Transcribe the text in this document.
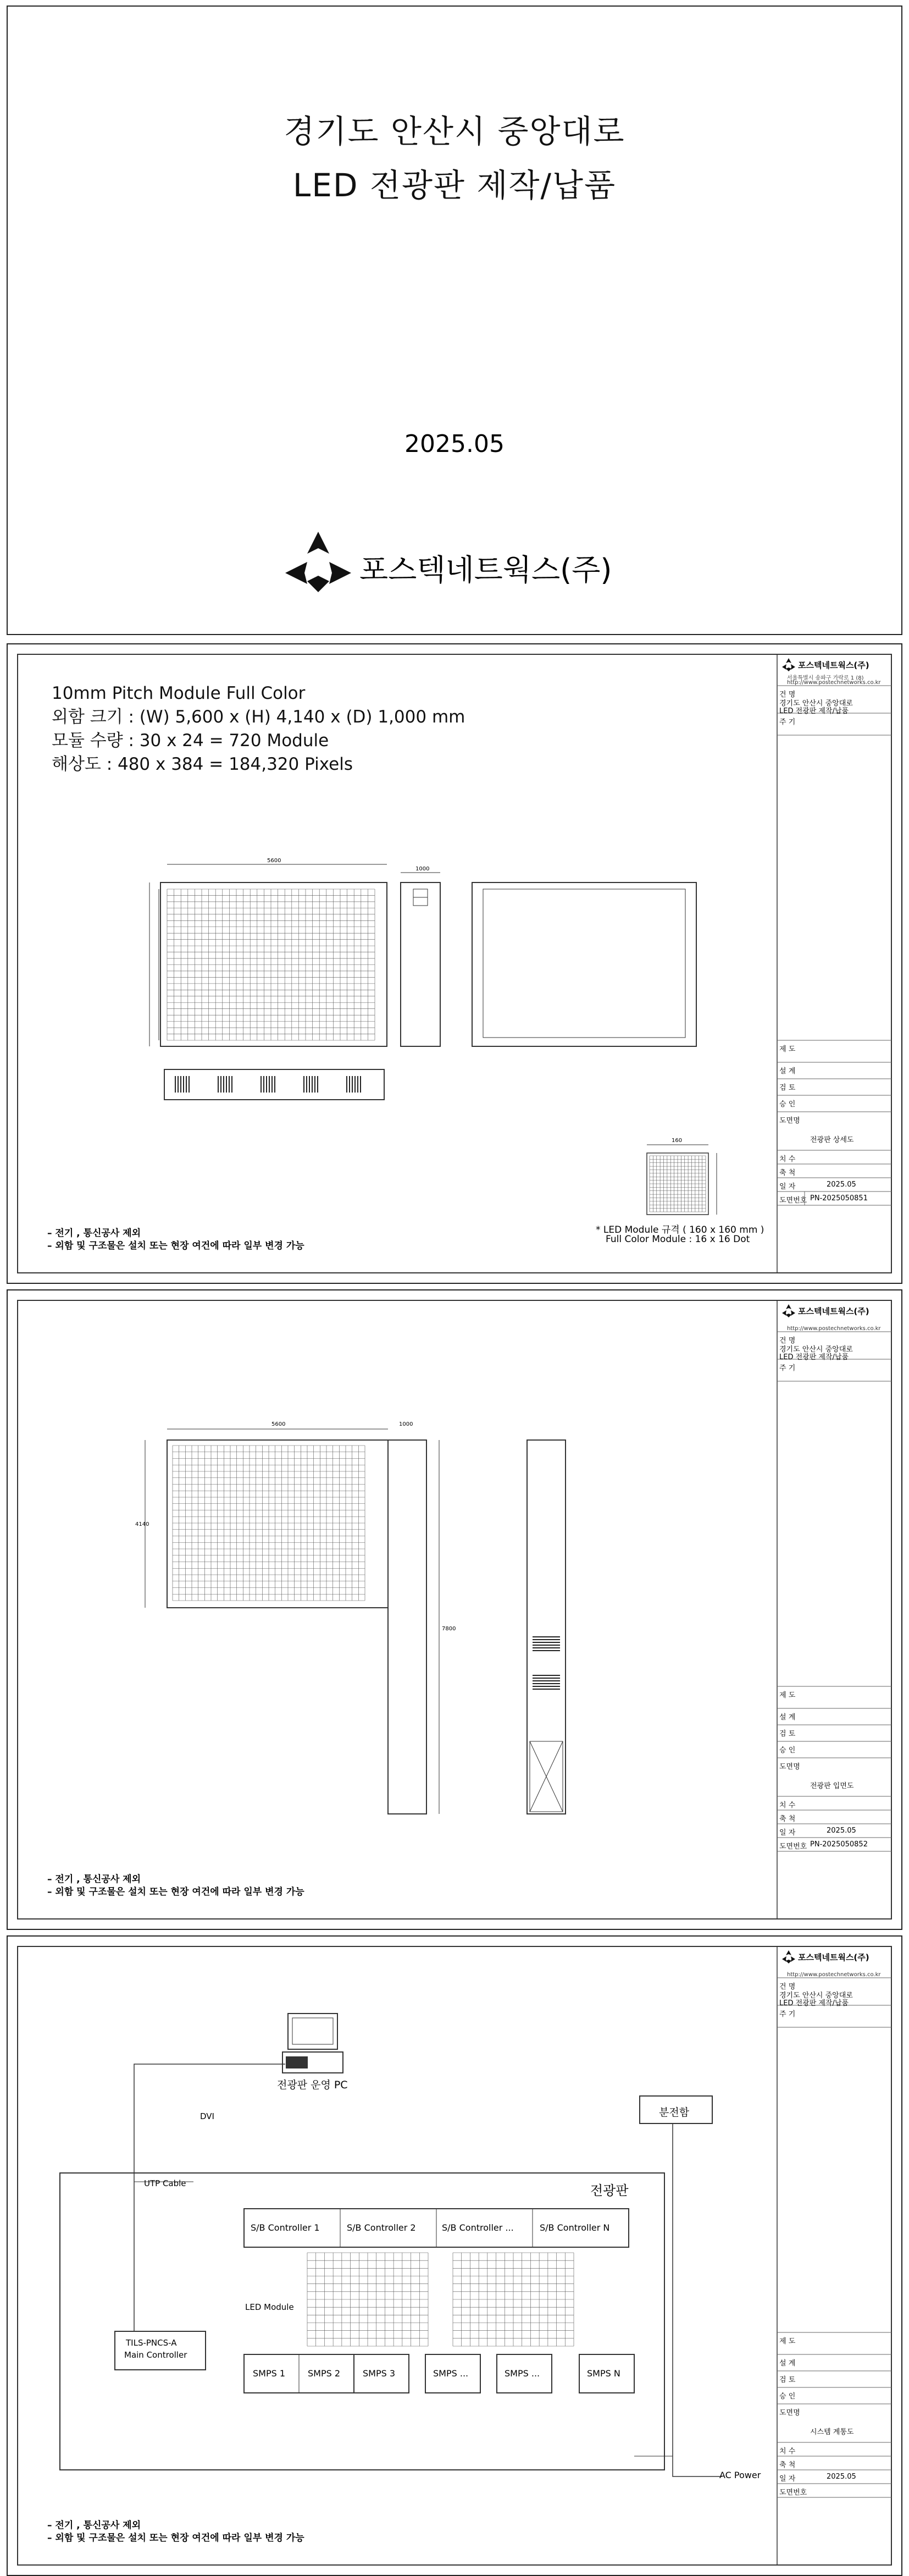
경기도 안산시 중앙대로
LED 전광판 제작/납품
2025.05
포스텍네트웍스(주)
포스텍네트웍스(주)
서울특별시 송파구 가락로 1 (8)
http://www.postechnetworks.co.kr
건 명
경기도 안산시 중앙대로
LED 전광판 제작/납품
주 기
제 도
설 계
검 토
승 인
도면명
전광판 상세도
치 수
축 척
일 자	2025.05
도면번호 PN-2025050851
10mm Pitch Module Full Color
외함 크기 : (W) 5,600 x (H) 4,140 x (D) 1,000 mm
모듈 수량 : 30 x 24 = 720 Module
해상도 : 480 x 384 = 184,320 Pixels
5600
1000
160
* LED Module 규격 ( 160 x 160 mm )
Full Color Module : 16 x 16 Dot
– 전기 , 통신공사 제외
– 외함 및 구조물은 설치 또는 현장 여건에 따라 일부 변경 가능
포스텍네트웍스(주)
http://www.postechnetworks.co.kr
건 명
경기도 안산시 중앙대로
LED 전광판 제작/납품
주 기
제 도
설 계
검 토
승 인
도면명
전광판 입면도
치 수
축 척
일 자	2025.05
도면번호 PN-2025050852
5600	1000
4140
7800
– 전기 , 통신공사 제외
– 외함 및 구조물은 설치 또는 현장 여건에 따라 일부 변경 가능
포스텍네트웍스(주)
http://www.postechnetworks.co.kr
건 명
경기도 안산시 중앙대로
LED 전광판 제작/납품
주 기
제 도
설 계
검 토
승 인
도면명
시스템 계통도
치 수
축 척
일 자	2025.05
도면번호
전광판 운영 PC
DVI	분전함
전광판
UTP Cable
S/B Controller 1	S/B Controller 2	S/B Controller ...	S/B Controller N
LED Module
TILS-PNCS-A
Main Controller
SMPS 1	SMPS 2	SMPS 3	SMPS ...	SMPS ...	SMPS N
AC Power
– 전기 , 통신공사 제외
– 외함 및 구조물은 설치 또는 현장 여건에 따라 일부 변경 가능
